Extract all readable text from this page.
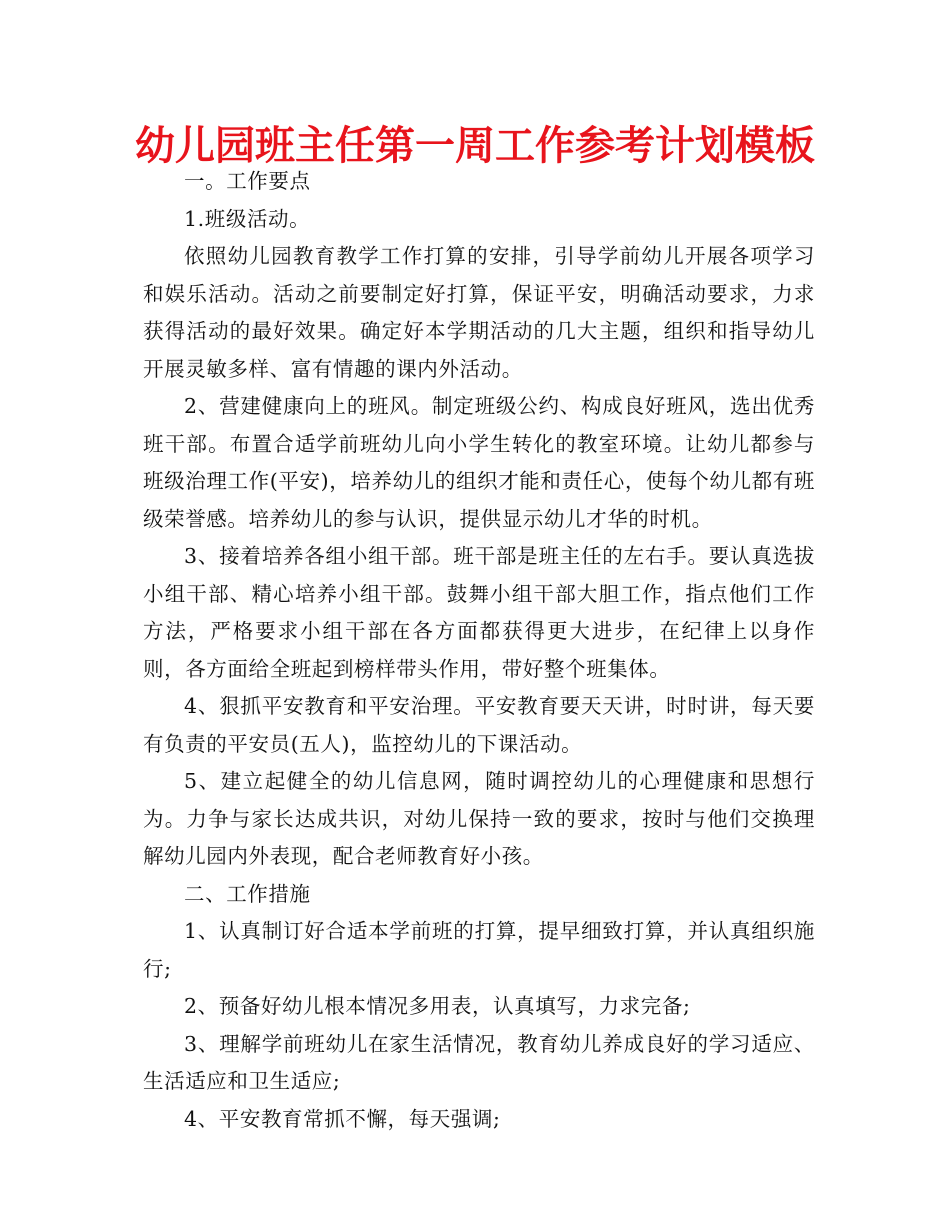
幼儿园班主任第一周工作参考计划模板

一。工作要点

1.班级活动。

依照幼儿园教育教学工作打算的安排，引导学前幼儿开展各项学习和娱乐活动。活动之前要制定好打算，保证平安，明确活动要求，力求获得活动的最好效果。确定好本学期活动的几大主题，组织和指导幼儿开展灵敏多样、富有情趣的课内外活动。

2、营建健康向上的班风。制定班级公约、构成良好班风，选出优秀班干部。布置合适学前班幼儿向小学生转化的教室环境。让幼儿都参与班级治理工作(平安)，培养幼儿的组织才能和责任心，使每个幼儿都有班级荣誉感。培养幼儿的参与认识，提供显示幼儿才华的时机。

3、接着培养各组小组干部。班干部是班主任的左右手。要认真选拔小组干部、精心培养小组干部。鼓舞小组干部大胆工作，指点他们工作方法，严格要求小组干部在各方面都获得更大进步，在纪律上以身作则，各方面给全班起到榜样带头作用，带好整个班集体。

4、狠抓平安教育和平安治理。平安教育要天天讲，时时讲，每天要有负责的平安员(五人)，监控幼儿的下课活动。

5、建立起健全的幼儿信息网，随时调控幼儿的心理健康和思想行为。力争与家长达成共识，对幼儿保持一致的要求，按时与他们交换理解幼儿园内外表现，配合老师教育好小孩。

二、工作措施

1、认真制订好合适本学前班的打算，提早细致打算，并认真组织施行;

2、预备好幼儿根本情况多用表，认真填写，力求完备;

3、理解学前班幼儿在家生活情况，教育幼儿养成良好的学习适应、生活适应和卫生适应;

4、平安教育常抓不懈，每天强调;
